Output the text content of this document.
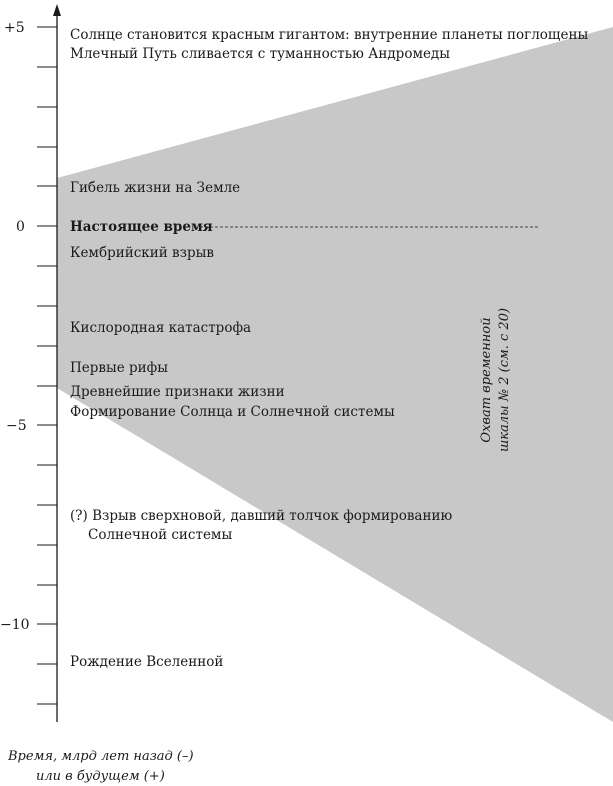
+5
0
−5
−10
Солнце становится красным гигантом: внутренние планеты поглощены
Млечный Путь сливается с туманностью Андромеды
Гибель жизни на Земле
Настоящее время
Кембрийский взрыв
Кислородная катастрофа
Первые рифы
Древнейшие признаки жизни
Формирование Солнца и Солнечной системы
(?) Взрыв сверхновой, давший толчок формированию
Солнечной системы
Рождение Вселенной
Охват временной шкалы № 2 (см. с 20)
Время, млрд лет назад (–)
или в будущем (+)
